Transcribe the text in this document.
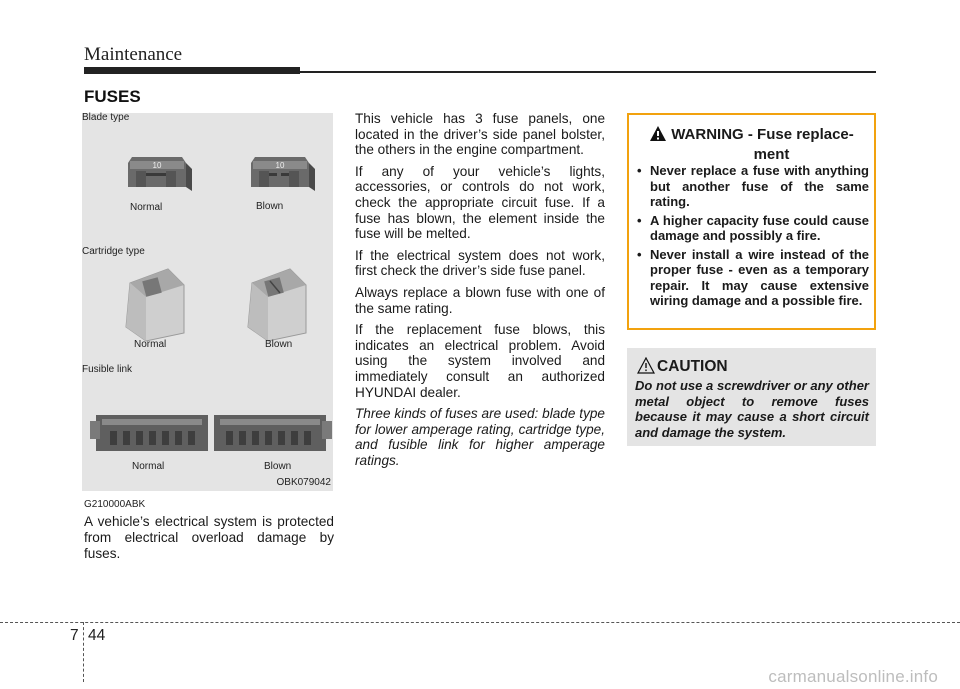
Maintenance
FUSES
Blade type
10	10
Normal	Blown
Cartridge type
Normal	Blown
Fusible link
Normal	Blown
OBK079042
G210000ABK
A vehicle’s electrical system is protected from electrical overload damage by fuses.

This vehicle has 3 fuse panels, one located in the driver’s side panel bolster, the others in the engine compartment.

If any of your vehicle’s lights, accessories, or controls do not work, check the appropriate circuit fuse. If a fuse has blown, the element inside the fuse will be melted.

If the electrical system does not work, first check the driver’s side fuse panel.

Always replace a blown fuse with one of the same rating.

If the replacement fuse blows, this indicates an electrical problem. Avoid using the system involved and immediately consult an authorized HYUNDAI dealer.

Three kinds of fuses are used: blade type for lower amperage rating, cartridge type, and fusible link for higher amperage ratings.

WARNING - Fuse replace-
ment
• Never replace a fuse with anything but another fuse of the same rating.
• A higher capacity fuse could cause damage and possibly a fire.
• Never install a wire instead of the proper fuse - even as a temporary repair. It may cause extensive wiring damage and a possible fire.
CAUTION
Do not use a screwdriver or any other metal object to remove fuses because it may cause a short circuit and damage the system.
7 44
carmanualsonline.info
